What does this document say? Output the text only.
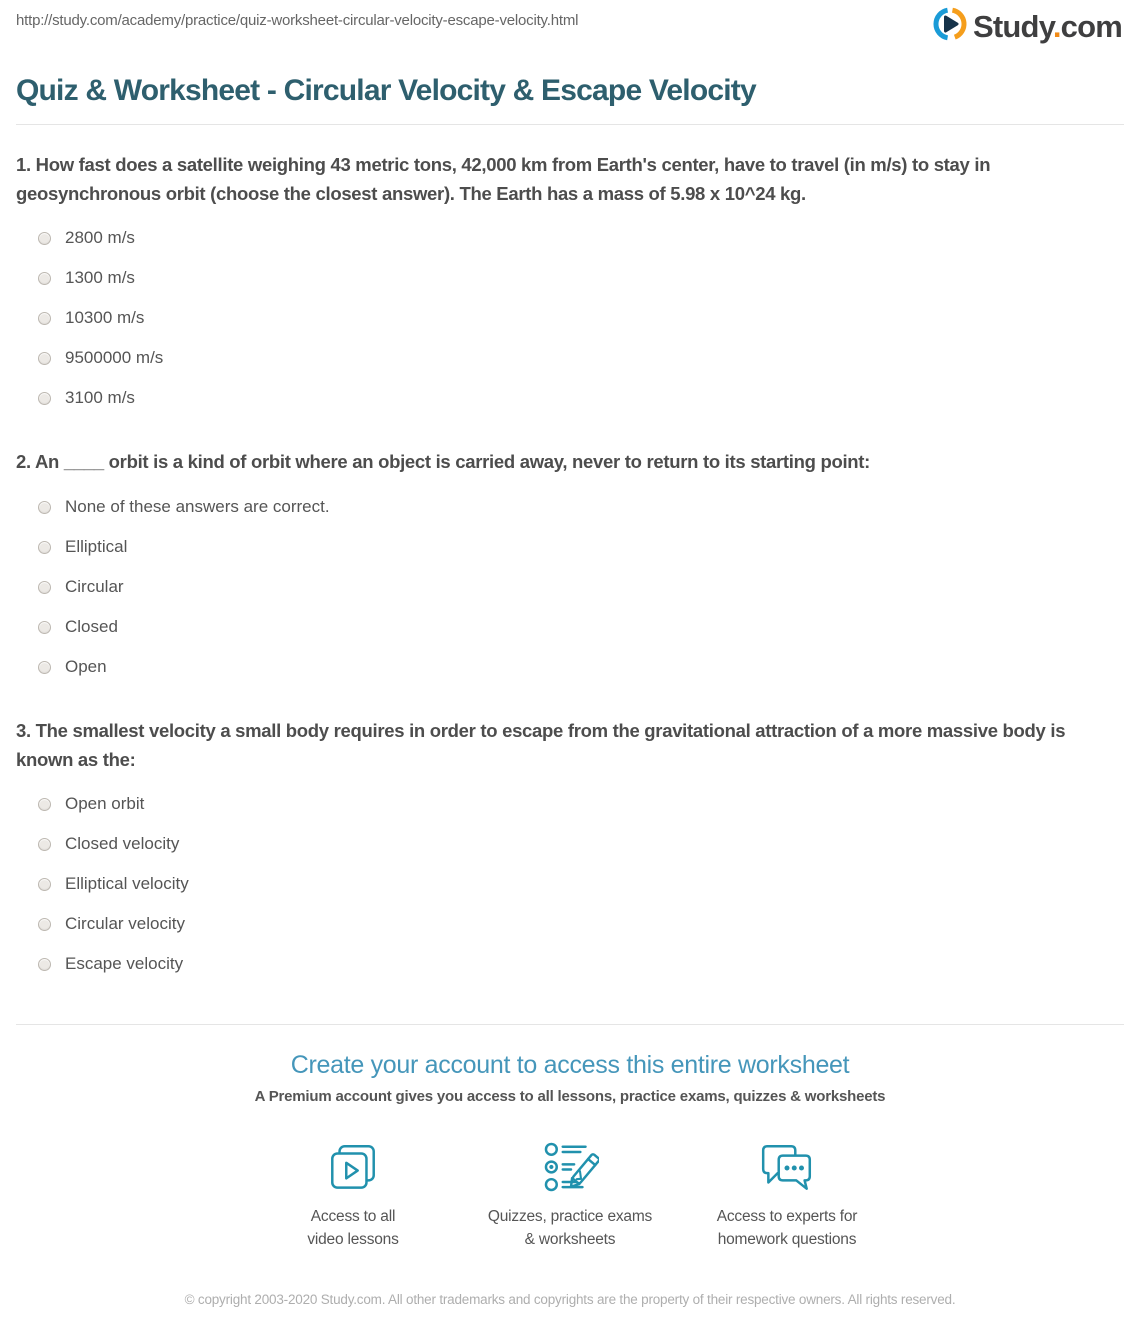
http://study.com/academy/practice/quiz-worksheet-circular-velocity-escape-velocity.html	Study.com
Quiz & Worksheet - Circular Velocity & Escape Velocity
1. How fast does a satellite weighing 43 metric tons, 42,000 km from Earth's center, have to travel (in m/s) to stay in geosynchronous orbit (choose the closest answer). The Earth has a mass of 5.98 x 10^24 kg.
2800 m/s
1300 m/s
10300 m/s
9500000 m/s
3100 m/s
2. An ____ orbit is a kind of orbit where an object is carried away, never to return to its starting point:
None of these answers are correct.
Elliptical
Circular
Closed
Open
3. The smallest velocity a small body requires in order to escape from the gravitational attraction of a more massive body is known as the:
Open orbit
Closed velocity
Elliptical velocity
Circular velocity
Escape velocity
Create your account to access this entire worksheet
A Premium account gives you access to all lessons, practice exams, quizzes & worksheets
Access to all
video lessons
Quizzes, practice exams
& worksheets
Access to experts for
homework questions
© copyright 2003-2020 Study.com. All other trademarks and copyrights are the property of their respective owners. All rights reserved.
